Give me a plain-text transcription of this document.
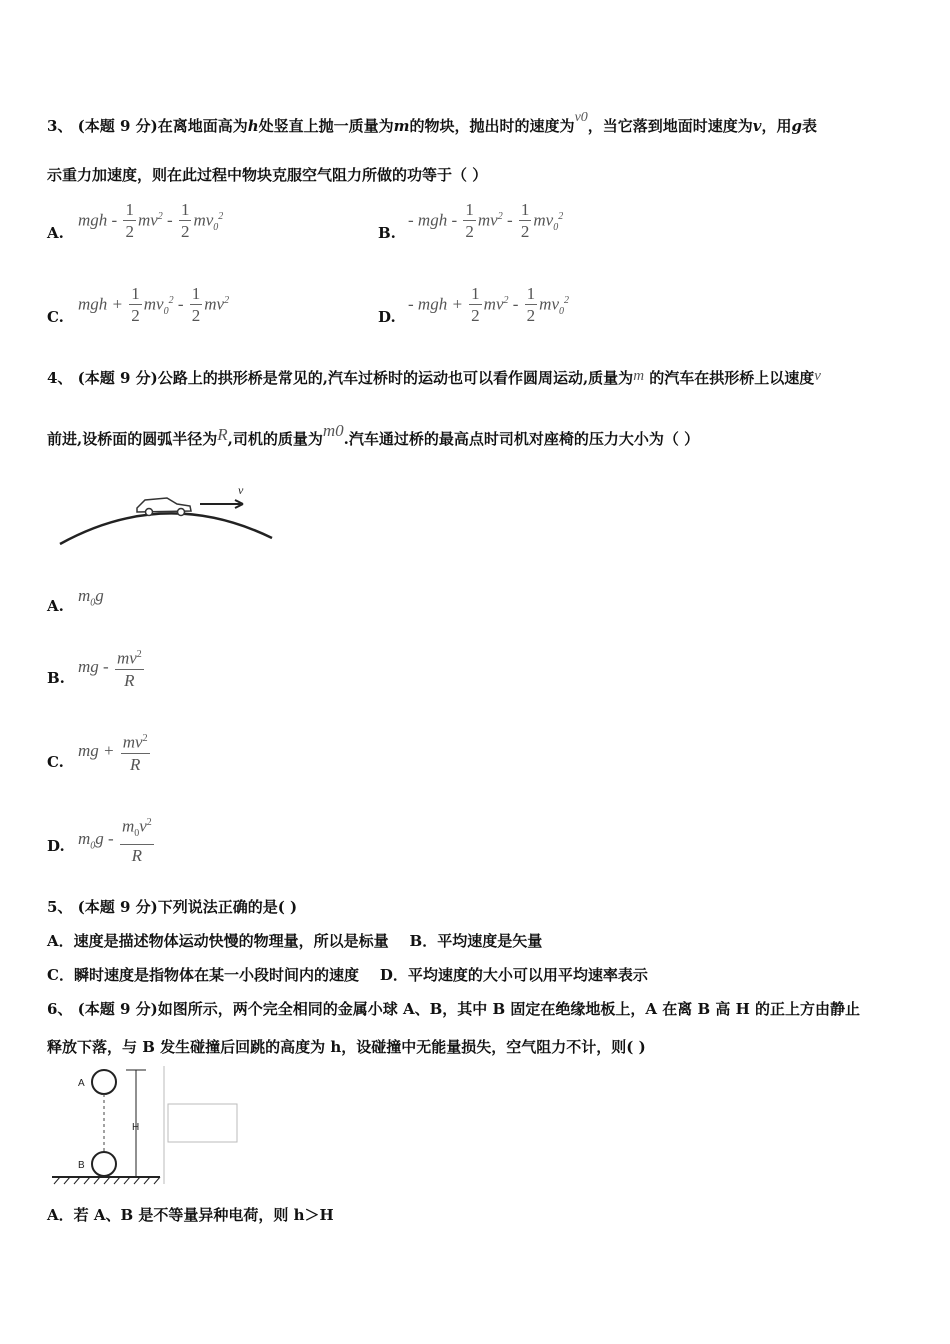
3、 (本题 9 分)在离地面高为h处竖直上抛一质量为m的物块，抛出时的速度为v0，当它落到地面时速度为v，用g表
示重力加速度，则在此过程中物块克服空气阻力所做的功等于（ ）
A.
mgh - $\frac{1}{2} mv^2 - \frac{1}{2} mv_0^2$
B.
- mgh - $\frac{1}{2} mv^2 - \frac{1}{2} mv_0^2$
C.
mgh + $\frac{1}{2} mv_0^2 - \frac{1}{2} mv^2$
D.
- mgh + $\frac{1}{2} mv^2 - \frac{1}{2} mv_0^2$
4、 (本题 9 分)公路上的拱形桥是常见的,汽车过桥时的运动也可以看作圆周运动,质量为m 的汽车在拱形桥上以速度v
前进,设桥面的圆弧半径为R,司机的质量为m0.汽车通过桥的最高点时司机对座椅的压力大小为（ ）
v
A.
$m_0g$
B.
mg - $\frac{mv^2}{R}$
C.
mg + $\frac{mv^2}{R}$
D. $m_0g - \frac{m_0v^2}{R}$
5、 (本题 9 分)下列说法正确的是( )
A．速度是描述物体运动快慢的物理量，所以是标量 B．平均速度是矢量
C．瞬时速度是指物体在某一小段时间内的速度 D．平均速度的大小可以用平均速率表示
6、 (本题 9 分)如图所示，两个完全相同的金属小球 A、B，其中 B 固定在绝缘地板上，A 在离 B 高 H 的正上方由静止
释放下落，与 B 发生碰撞后回跳的高度为 h，设碰撞中无能量损失，空气阻力不计，则( )
A
B
H
A．若 A、B 是不等量异种电荷，则 h＞H
